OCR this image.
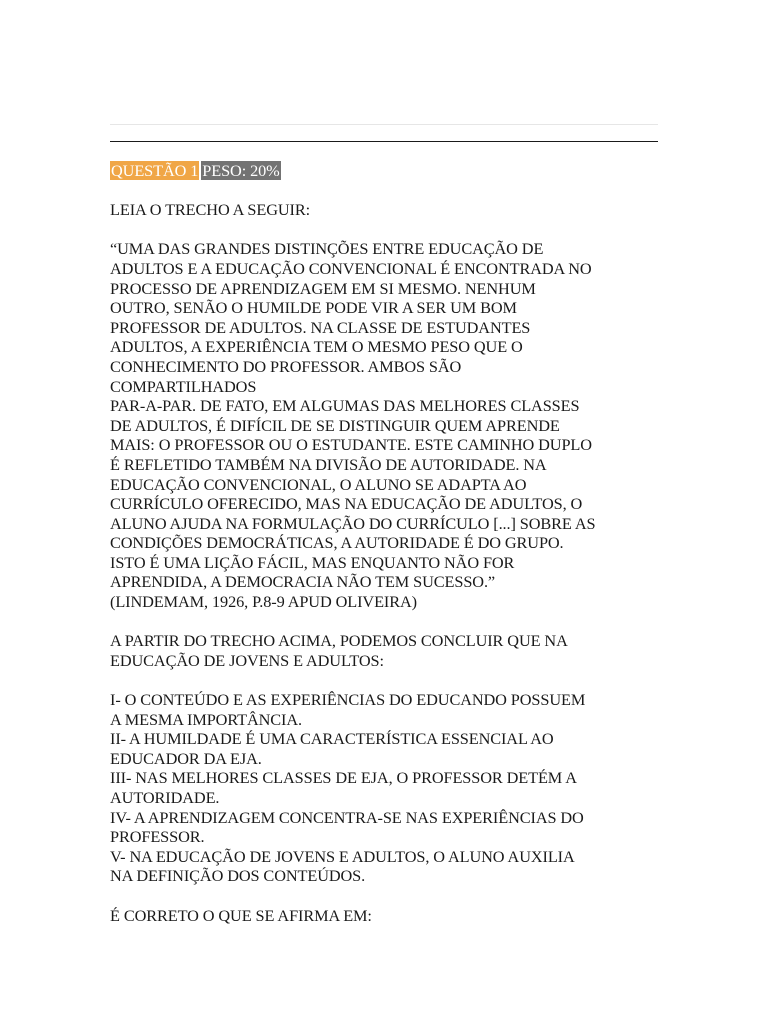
QUESTÃO 1 PESO: 20%

LEIA O TRECHO A SEGUIR:

“UMA DAS GRANDES DISTINÇÕES ENTRE EDUCAÇÃO DE

ADULTOS E A EDUCAÇÃO CONVENCIONAL É ENCONTRADA NO

PROCESSO DE APRENDIZAGEM EM SI MESMO. NENHUM

OUTRO, SENÃO O HUMILDE PODE VIR A SER UM BOM

PROFESSOR DE ADULTOS. NA CLASSE DE ESTUDANTES

ADULTOS, A EXPERIÊNCIA TEM O MESMO PESO QUE O

CONHECIMENTO DO PROFESSOR. AMBOS SÃO

COMPARTILHADOS

PAR-A-PAR. DE FATO, EM ALGUMAS DAS MELHORES CLASSES

DE ADULTOS, É DIFÍCIL DE SE DISTINGUIR QUEM APRENDE

MAIS: O PROFESSOR OU O ESTUDANTE. ESTE CAMINHO DUPLO

É REFLETIDO TAMBÉM NA DIVISÃO DE AUTORIDADE. NA

EDUCAÇÃO CONVENCIONAL, O ALUNO SE ADAPTA AO

CURRÍCULO OFERECIDO, MAS NA EDUCAÇÃO DE ADULTOS, O

ALUNO AJUDA NA FORMULAÇÃO DO CURRÍCULO [...] SOBRE AS

CONDIÇÕES DEMOCRÁTICAS, A AUTORIDADE É DO GRUPO.

ISTO É UMA LIÇÃO FÁCIL, MAS ENQUANTO NÃO FOR

APRENDIDA, A DEMOCRACIA NÃO TEM SUCESSO.”

(LINDEMAM, 1926, P.8-9 APUD OLIVEIRA)

A PARTIR DO TRECHO ACIMA, PODEMOS CONCLUIR QUE NA

EDUCAÇÃO DE JOVENS E ADULTOS:

I- O CONTEÚDO E AS EXPERIÊNCIAS DO EDUCANDO POSSUEM

A MESMA IMPORTÂNCIA.

II- A HUMILDADE É UMA CARACTERÍSTICA ESSENCIAL AO

EDUCADOR DA EJA.

III- NAS MELHORES CLASSES DE EJA, O PROFESSOR DETÉM A

AUTORIDADE.

IV- A APRENDIZAGEM CONCENTRA-SE NAS EXPERIÊNCIAS DO

PROFESSOR.

V- NA EDUCAÇÃO DE JOVENS E ADULTOS, O ALUNO AUXILIA

NA DEFINIÇÃO DOS CONTEÚDOS.

É CORRETO O QUE SE AFIRMA EM:
